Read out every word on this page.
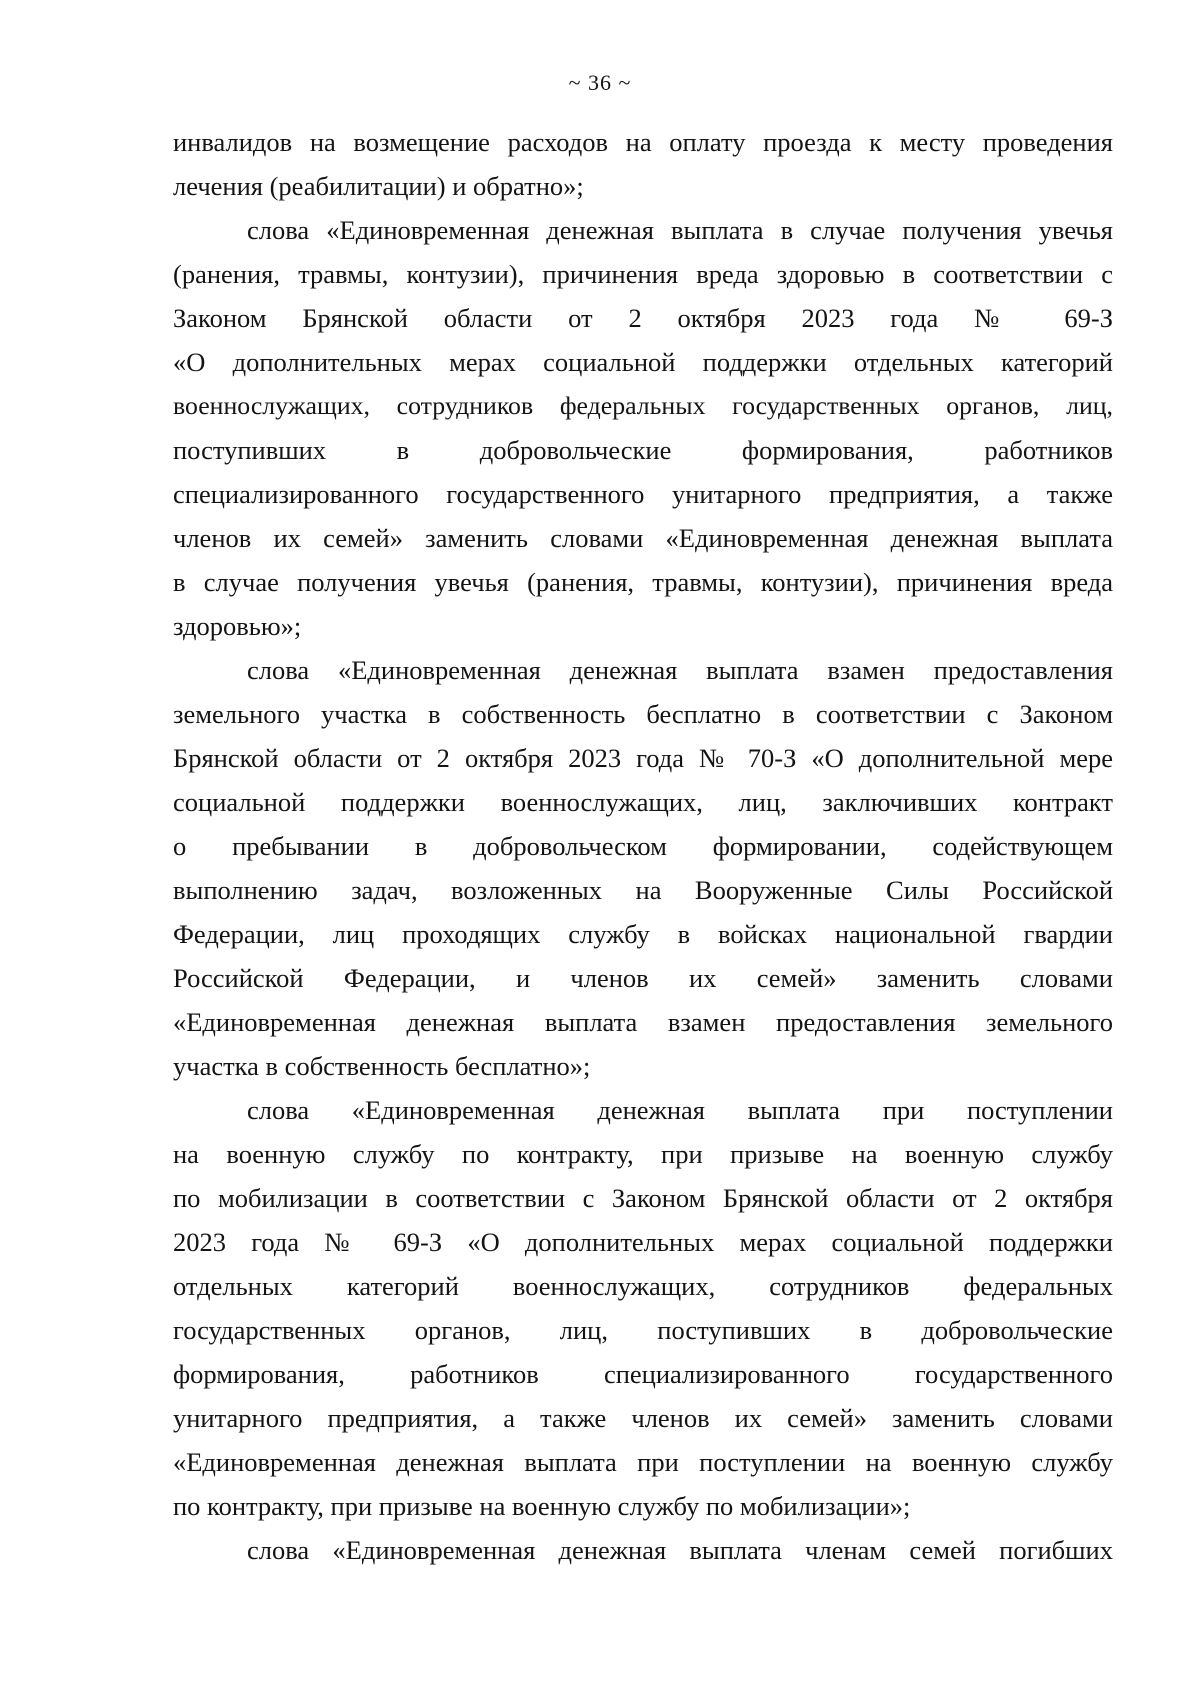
~ 36 ~
инвалидов на возмещение расходов на оплату проезда к месту проведения
лечения (реабилитации) и обратно»;
слова «Единовременная денежная выплата в случае получения увечья
(ранения, травмы, контузии), причинения вреда здоровью в соответствии с
Законом Брянской области от 2 октября 2023 года № 69-З
«О дополнительных мерах социальной поддержки отдельных категорий
военнослужащих, сотрудников федеральных государственных органов, лиц,
поступивших в добровольческие формирования, работников
специализированного государственного унитарного предприятия, а также
членов их семей» заменить словами «Единовременная денежная выплата
в случае получения увечья (ранения, травмы, контузии), причинения вреда
здоровью»;
слова «Единовременная денежная выплата взамен предоставления
земельного участка в собственность бесплатно в соответствии с Законом
Брянской области от 2 октября 2023 года № 70-З «О дополнительной мере
социальной поддержки военнослужащих, лиц, заключивших контракт
о пребывании в добровольческом формировании, содействующем
выполнению задач, возложенных на Вооруженные Силы Российской
Федерации, лиц проходящих службу в войсках национальной гвардии
Российской Федерации, и членов их семей» заменить словами
«Единовременная денежная выплата взамен предоставления земельного
участка в собственность бесплатно»;
слова «Единовременная денежная выплата при поступлении
на военную службу по контракту, при призыве на военную службу
по мобилизации в соответствии с Законом Брянской области от 2 октября
2023 года № 69-З «О дополнительных мерах социальной поддержки
отдельных категорий военнослужащих, сотрудников федеральных
государственных органов, лиц, поступивших в добровольческие
формирования, работников специализированного государственного
унитарного предприятия, а также членов их семей» заменить словами
«Единовременная денежная выплата при поступлении на военную службу
по контракту, при призыве на военную службу по мобилизации»;
слова «Единовременная денежная выплата членам семей погибших
